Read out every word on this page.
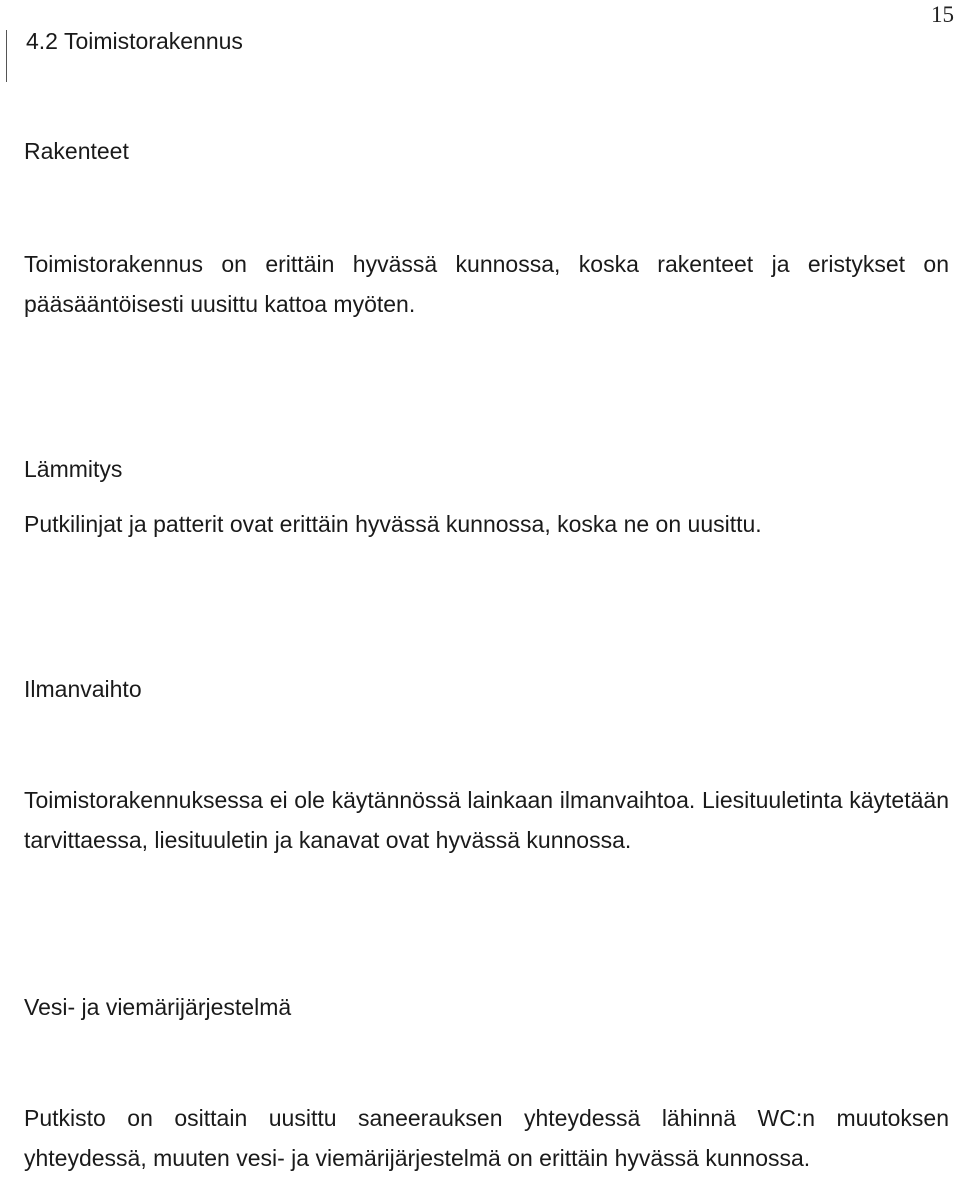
15
4.2 Toimistorakennus
Rakenteet

Toimistorakennus on erittäin hyvässä kunnossa, koska rakenteet ja eristykset on pääsääntöisesti uusittu kattoa myöten.

Lämmitys

Putkilinjat ja patterit ovat erittäin hyvässä kunnossa, koska ne on uusittu.

Ilmanvaihto

Toimistorakennuksessa ei ole käytännössä lainkaan ilmanvaihtoa. Liesituuletinta käytetään tarvittaessa, liesituuletin ja kanavat ovat hyvässä kunnossa.

Vesi- ja viemärijärjestelmä

Putkisto on osittain uusittu saneerauksen yhteydessä lähinnä WC:n muutoksen yhteydessä, muuten vesi- ja viemärijärjestelmä on erittäin hyvässä kunnossa.
